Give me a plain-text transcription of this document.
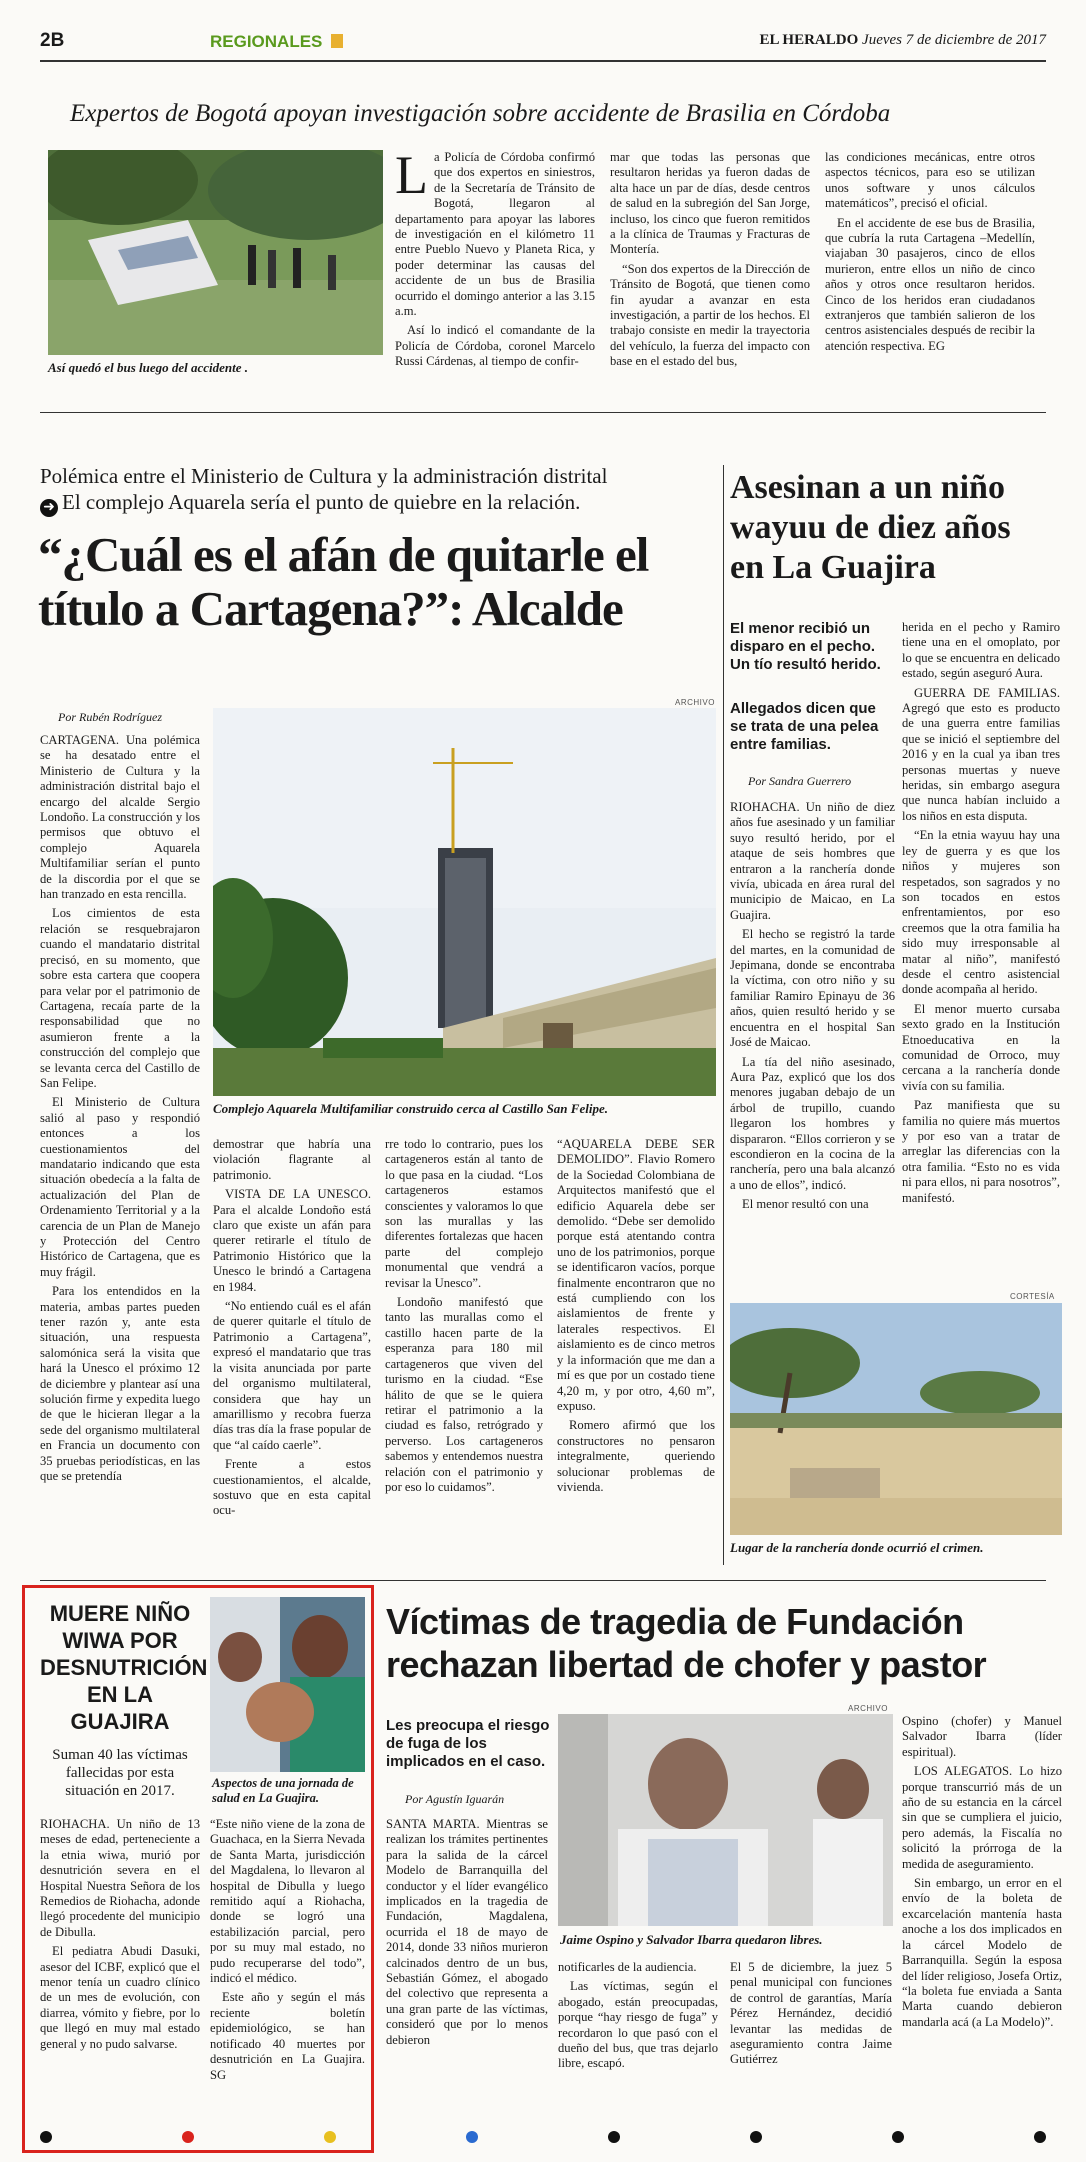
2B	REGIONALES	EL HERALDO Jueves 7 de diciembre de 2017
Expertos de Bogotá apoyan investigación sobre accidente de Brasilia en Córdoba
Así quedó el bus luego del accidente .

La Policía de Córdoba confirmó que dos expertos en siniestros, de la Secretaría de Tránsito de Bogotá, llegaron al departamento para apoyar las labores de investigación en el kilómetro 11 entre Pueblo Nuevo y Planeta Rica, y poder determinar las causas del accidente de un bus de Brasilia ocurrido el domingo anterior a las 3.15 a.m.

Así lo indicó el comandante de la Policía de Córdoba, coronel Marcelo Russi Cárdenas, al tiempo de confir-

mar que todas las personas que resultaron heridas ya fueron dadas de alta hace un par de días, desde centros de salud en la subregión del San Jorge, incluso, los cinco que fueron remitidos a la clínica de Traumas y Fracturas de Montería.

“Son dos expertos de la Dirección de Tránsito de Bogotá, que tienen como fin ayudar a avanzar en esta investigación, a partir de los hechos. El trabajo consiste en medir la trayectoria del vehículo, la fuerza del impacto con base en el estado del bus,

las condiciones mecánicas, entre otros aspectos técnicos, para eso se utilizan unos software y unos cálculos matemáticos”, precisó el oficial.

En el accidente de ese bus de Brasilia, que cubría la ruta Cartagena –Medellín, viajaban 30 pasajeros, cinco de ellos murieron, entre ellos un niño de cinco años y otros once resultaron heridos. Cinco de los heridos eran ciudadanos extranjeros que también salieron de los centros asistenciales después de recibir la atención respectiva. EG

Polémica entre el Ministerio de Cultura y la administración distrital
➜ El complejo Aquarela sería el punto de quiebre en la relación.
“¿Cuál es el afán de quitarle el título a Cartagena?”: Alcalde
Por Rubén Rodríguez
ARCHIVO
Complejo Aquarela Multifamiliar construido cerca al Castillo San Felipe.

CARTAGENA. Una polémica se ha desatado entre el Ministerio de Cultura y la administración distrital bajo el encargo del alcalde Sergio Londoño. La construcción y los permisos que obtuvo el complejo Aquarela Multifamiliar serían el punto de la discordia por el que se han tranzado en esta rencilla.

Los cimientos de esta relación se resquebrajaron cuando el mandatario distrital precisó, en su momento, que sobre esta cartera que coopera para velar por el patrimonio de Cartagena, recaía parte de la responsabilidad que no asumieron frente a la construcción del complejo que se levanta cerca del Castillo de San Felipe.

El Ministerio de Cultura salió al paso y respondió entonces a los cuestionamientos del mandatario indicando que esta situación obedecía a la falta de actualización del Plan de Ordenamiento Territorial y a la carencia de un Plan de Manejo y Protección del Centro Histórico de Cartagena, que es muy frágil.

Para los entendidos en la materia, ambas partes pueden tener razón y, ante esta situación, una respuesta salomónica será la visita que hará la Unesco el próximo 12 de diciembre y plantear así una solución firme y expedita luego de que le hicieran llegar a la sede del organismo multilateral en Francia un documento con 35 pruebas periodísticas, en las que se pretendía

demostrar que habría una violación flagrante al patrimonio.

VISTA DE LA UNESCO. Para el alcalde Londoño está claro que existe un afán para querer retirarle el título de Patrimonio Histórico que la Unesco le brindó a Cartagena en 1984.

“No entiendo cuál es el afán de querer quitarle el título de Patrimonio a Cartagena”, expresó el mandatario que tras la visita anunciada por parte del organismo multilateral, considera que hay un amarillismo y recobra fuerza días tras día la frase popular de que “al caído caerle”.

Frente a estos cuestionamientos, el alcalde, sostuvo que en esta capital ocu-

rre todo lo contrario, pues los cartageneros están al tanto de lo que pasa en la ciudad. “Los cartageneros estamos conscientes y valoramos lo que son las murallas y las diferentes fortalezas que hacen parte del complejo monumental que vendrá a revisar la Unesco”.

Londoño manifestó que tanto las murallas como el castillo hacen parte de la esperanza para 180 mil cartageneros que viven del turismo en la ciudad. “Ese hálito de que se le quiera retirar el patrimonio a la ciudad es falso, retrógrado y perverso. Los cartageneros sabemos y entendemos nuestra relación con el patrimonio y por eso lo cuidamos”.

“AQUARELA DEBE SER DEMOLIDO”. Flavio Romero de la Sociedad Colombiana de Arquitectos manifestó que el edificio Aquarela debe ser demolido. “Debe ser demolido porque está atentando contra uno de los patrimonios, porque se identificaron vacíos, porque finalmente encontraron que no está cumpliendo con los aislamientos de frente y laterales respectivos. El aislamiento es de cinco metros y la información que me dan a mí es que por un costado tiene 4,20 m, y por otro, 4,60 m”, expuso.

Romero afirmó que los constructores no pensaron integralmente, queriendo solucionar problemas de vivienda.

Asesinan a un niño wayuu de diez años en La Guajira
El menor recibió un disparo en el pecho. Un tío resultó herido.
Allegados dicen que se trata de una pelea entre familias.
Por Sandra Guerrero

RIOHACHA. Un niño de diez años fue asesinado y un familiar suyo resultó herido, por el ataque de seis hombres que entraron a la ranchería donde vivía, ubicada en área rural del municipio de Maicao, en La Guajira.

El hecho se registró la tarde del martes, en la comunidad de Jepimana, donde se encontraba la víctima, con otro niño y su familiar Ramiro Epinayu de 36 años, quien resultó herido y se encuentra en el hospital San José de Maicao.

La tía del niño asesinado, Aura Paz, explicó que los dos menores jugaban debajo de un árbol de trupillo, cuando llegaron los hombres y dispararon. “Ellos corrieron y se escondieron en la cocina de la ranchería, pero una bala alcanzó a uno de ellos”, indicó.

El menor resultó con una

herida en el pecho y Ramiro tiene una en el omoplato, por lo que se encuentra en delicado estado, según aseguró Aura.

GUERRA DE FAMILIAS. Agregó que esto es producto de una guerra entre familias que se inició el septiembre del 2016 y en la cual ya iban tres personas muertas y nueve heridas, sin embargo asegura que nunca habían incluido a los niños en esta disputa.

“En la etnia wayuu hay una ley de guerra y es que los niños y mujeres son respetados, son sagrados y no son tocados en estos enfrentamientos, por eso creemos que la otra familia ha sido muy irresponsable al matar al niño”, manifestó desde el centro asistencial donde acompaña al herido.

El menor muerto cursaba sexto grado en la Institución Etnoeducativa en la comunidad de Orroco, muy cercana a la ranchería donde vivía con su familia.

Paz manifiesta que su familia no quiere más muertos y por eso van a tratar de arreglar las diferencias con la otra familia. “Esto no es vida ni para ellos, ni para nosotros”, manifestó.

CORTESÍA
Lugar de la ranchería donde ocurrió el crimen.
MUERE NIÑO WIWA POR DESNUTRICIÓN EN LA GUAJIRA
Suman 40 las víctimas fallecidas por esta situación en 2017.	Aspectos de una jornada de salud en La Guajira.

RIOHACHA. Un niño de 13 meses de edad, perteneciente a la etnia wiwa, murió por desnutrición severa en el Hospital Nuestra Señora de los Remedios de Riohacha, adonde llegó procedente del municipio de Dibulla.

El pediatra Abudi Dasuki, asesor del ICBF, explicó que el menor tenía un cuadro clínico de un mes de evolución, con diarrea, vómito y fiebre, por lo que llegó en muy mal estado general y no pudo salvarse.

“Este niño viene de la zona de Guachaca, en la Sierra Nevada de Santa Marta, jurisdicción del Magdalena, lo llevaron al hospital de Dibulla y luego remitido aquí a Riohacha, donde se logró una estabilización parcial, pero por su muy mal estado, no pudo recuperarse del todo”, indicó el médico.

Este año y según el más reciente boletín epidemiológico, se han notificado 40 muertes por desnutrición en La Guajira. SG

Víctimas de tragedia de Fundación rechazan libertad de chofer y pastor
Les preocupa el riesgo de fuga de los implicados en el caso.
Por Agustín Iguarán
ARCHIVO
Jaime Ospino y Salvador Ibarra quedaron libres.

SANTA MARTA. Mientras se realizan los trámites pertinentes para la salida de la cárcel Modelo de Barranquilla del conductor y el líder evangélico implicados en la tragedia de Fundación, Magdalena, ocurrida el 18 de mayo de 2014, donde 33 niños murieron calcinados dentro de un bus, Sebastián Gómez, el abogado del colectivo que representa a una gran parte de las víctimas, consideró que por lo menos debieron

notificarles de la audiencia.

Las víctimas, según el abogado, están preocupadas, porque “hay riesgo de fuga” y recordaron lo que pasó con el dueño del bus, que tras dejarlo libre, escapó.

El 5 de diciembre, la juez 5 penal municipal con funciones de control de garantías, María Pérez Hernández, decidió levantar las medidas de aseguramiento contra Jaime Gutiérrez

Ospino (chofer) y Manuel Salvador Ibarra (líder espiritual).

LOS ALEGATOS. Lo hizo porque transcurrió más de un año de su estancia en la cárcel sin que se cumpliera el juicio, pero además, la Fiscalía no solicitó la prórroga de la medida de aseguramiento.

Sin embargo, un error en el envío de la boleta de excarcelación mantenía hasta anoche a los dos implicados en la cárcel Modelo de Barranquilla. Según la esposa del líder religioso, Josefa Ortiz, “la boleta fue enviada a Santa Marta cuando debieron mandarla acá (a La Modelo)”.
